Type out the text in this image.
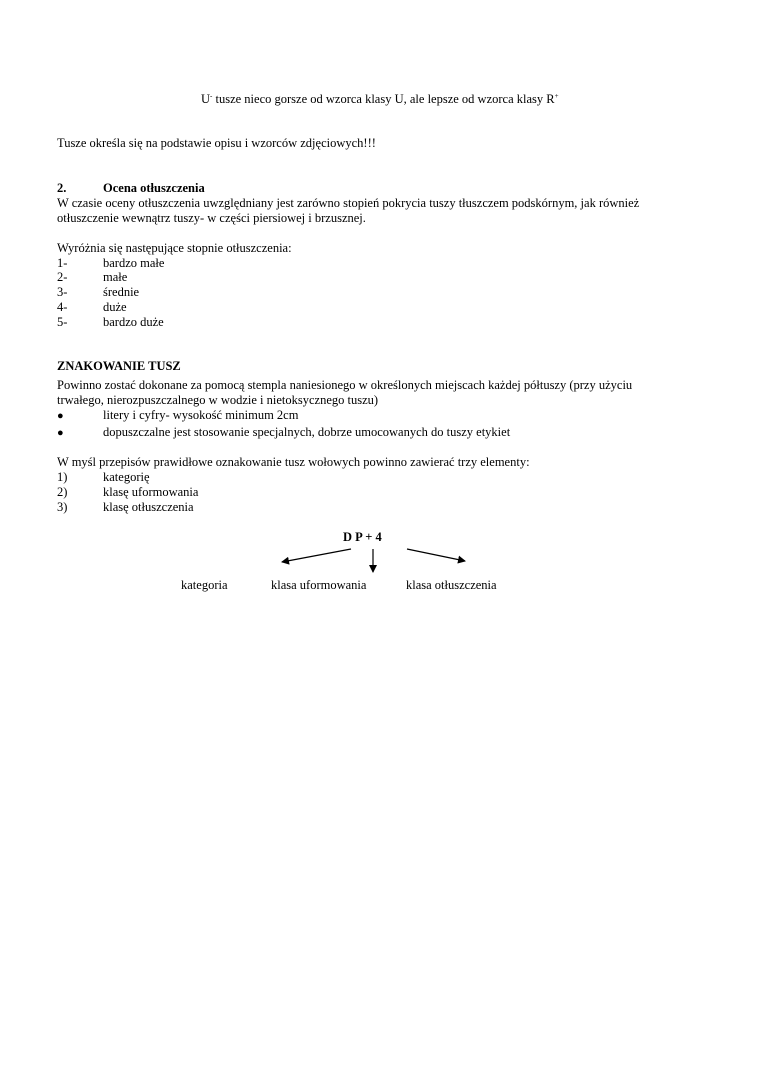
U- tusze nieco gorsze od wzorca klasy U, ale lepsze od wzorca klasy R+
Tusze określa się na podstawie opisu i wzorców zdjęciowych!!!
2.	Ocena otłuszczenia
W czasie oceny otłuszczenia uwzględniany jest zarówno stopień pokrycia tuszy tłuszczem podskórnym, jak również
otłuszczenie wewnątrz tuszy- w części piersiowej i brzusznej.
Wyróżnia się następujące stopnie otłuszczenia:
1-	bardzo małe
2-	małe
3-	średnie
4-	duże
5-	bardzo duże
ZNAKOWANIE TUSZ
Powinno zostać dokonane za pomocą stempla naniesionego w określonych miejscach każdej półtuszy (przy użyciu
trwałego, nierozpuszczalnego w wodzie i nietoksycznego tuszu)
●	litery i cyfry- wysokość minimum 2cm
●	dopuszczalne jest stosowanie specjalnych, dobrze umocowanych do tuszy etykiet
W myśl przepisów prawidłowe oznakowanie tusz wołowych powinno zawierać trzy elementy:
1)	kategorię
2)	klasę uformowania
3)	klasę otłuszczenia
D P + 4
kategoria	klasa uformowania	klasa otłuszczenia
